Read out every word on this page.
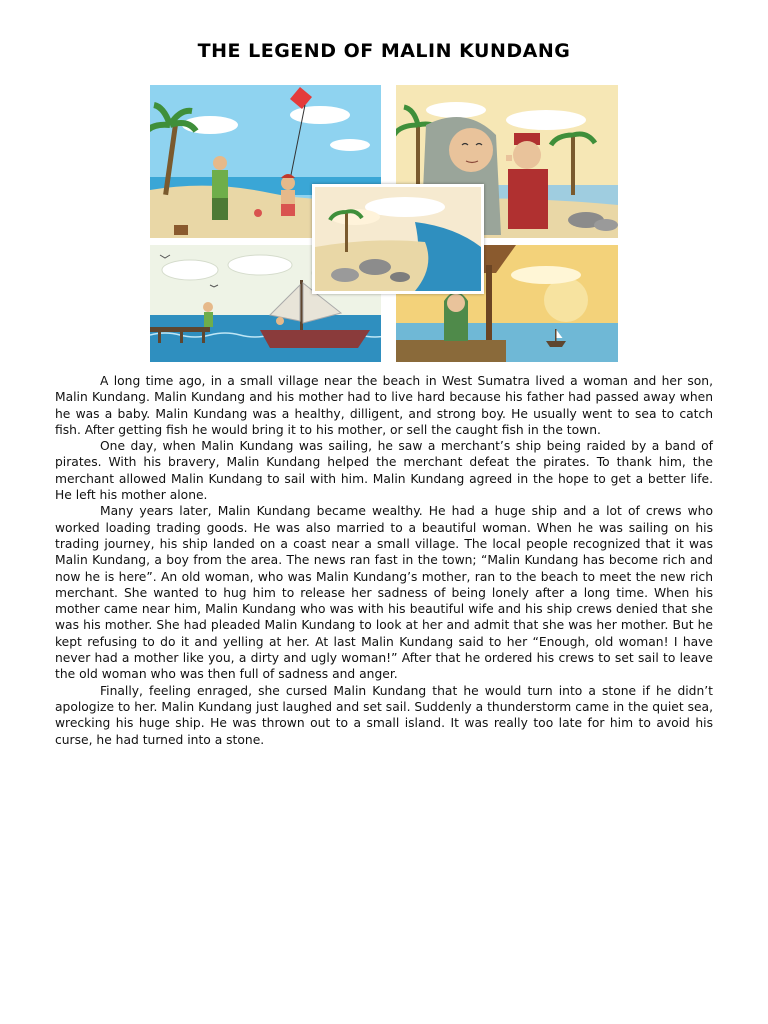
THE LEGEND OF MALIN KUNDANG

A long time ago, in a small village near the beach in West Sumatra lived a woman and her son, Malin Kundang. Malin Kundang and his mother had to live hard because his father had passed away when he was a baby. Malin Kundang was a healthy, dilligent, and strong boy. He usually went to sea to catch fish. After getting fish he would bring it to his mother, or sell the caught fish in the town.

One day, when Malin Kundang was sailing, he saw a merchant’s ship being raided by a band of pirates. With his bravery, Malin Kundang helped the merchant defeat the pirates. To thank him, the merchant allowed Malin Kundang to sail with him. Malin Kundang agreed in the hope to get a better life. He left his mother alone.

Many years later, Malin Kundang became wealthy. He had a huge ship and a lot of crews who worked loading trading goods. He was also married to a beautiful woman. When he was sailing on his trading journey, his ship landed on a coast near a small village. The local people recognized that it was Malin Kundang, a boy from the area. The news ran fast in the town; “Malin Kundang has become rich and now he is here”. An old woman, who was Malin Kundang’s mother, ran to the beach to meet the new rich merchant. She wanted to hug him to release her sadness of being lonely after a long time. When his mother came near him, Malin Kundang who was with his beautiful wife and his ship crews denied that she was his mother. She had pleaded Malin Kundang to look at her and admit that she was her mother. But he kept refusing to do it and yelling at her. At last Malin Kundang said to her “Enough, old woman! I have never had a mother like you, a dirty and ugly woman!” After that he ordered his crews to set sail to leave the old woman who was then full of sadness and anger.

Finally, feeling enraged, she cursed Malin Kundang that he would turn into a stone if he didn’t apologize to her. Malin Kundang just laughed and set sail. Suddenly a thunderstorm came in the quiet sea, wrecking his huge ship. He was thrown out to a small island. It was really too late for him to avoid his curse, he had turned into a stone.
